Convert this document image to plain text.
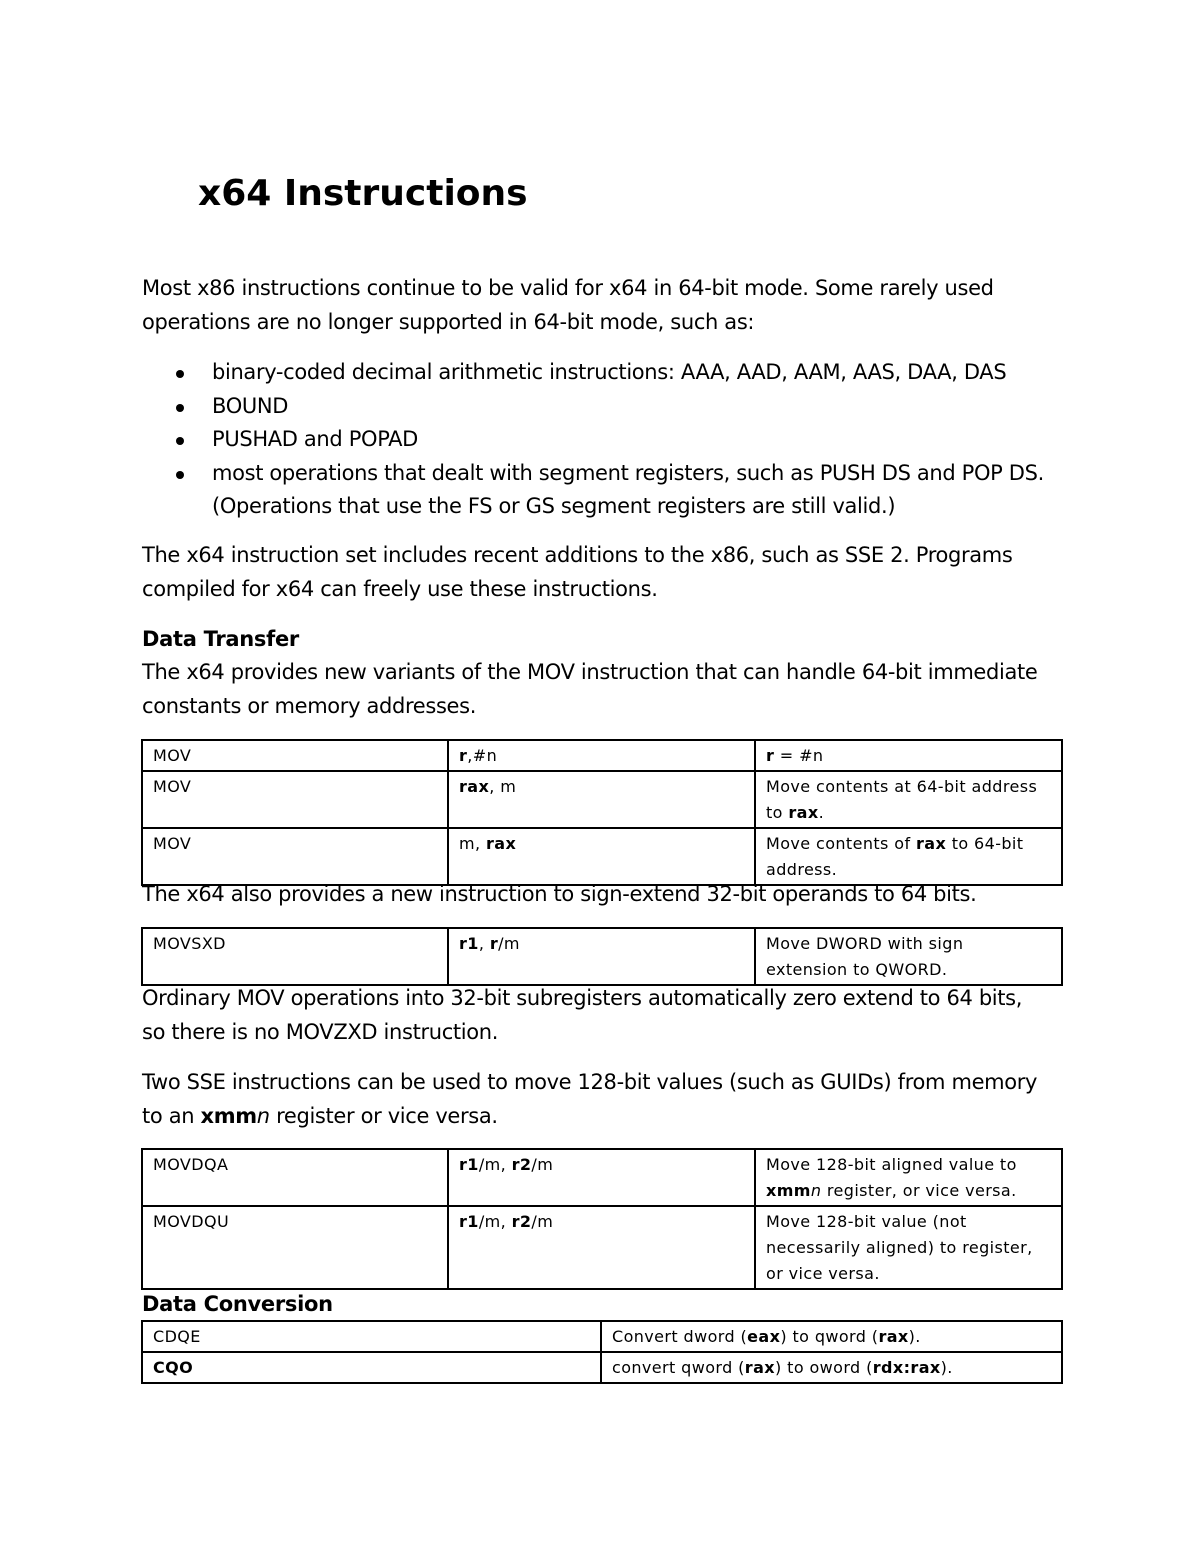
x64 Instructions

Most x86 instructions continue to be valid for x64 in 64-bit mode. Some rarely used
operations are no longer supported in 64-bit mode, such as:

binary-coded decimal arithmetic instructions: AAA, AAD, AAM, AAS, DAA, DAS
BOUND
PUSHAD and POPAD
most operations that dealt with segment registers, such as PUSH DS and POP DS.
(Operations that use the FS or GS segment registers are still valid.)

The x64 instruction set includes recent additions to the x86, such as SSE 2. Programs
compiled for x64 can freely use these instructions.

Data Transfer

The x64 provides new variants of the MOV instruction that can handle 64-bit immediate
constants or memory addresses.

MOV	r,#n	r = #n
MOV	rax, m	Move contents at 64-bit address
to rax.
MOV	m, rax	Move contents of rax to 64-bit
address.

The x64 also provides a new instruction to sign-extend 32-bit operands to 64 bits.

MOVSXD	r1, r/m	Move DWORD with sign
extension to QWORD.

Ordinary MOV operations into 32-bit subregisters automatically zero extend to 64 bits,
so there is no MOVZXD instruction.

Two SSE instructions can be used to move 128-bit values (such as GUIDs) from memory
to an xmmn register or vice versa.

MOVDQA	r1/m, r2/m	Move 128-bit aligned value to
xmmn register, or vice versa.
MOVDQU	r1/m, r2/m	Move 128-bit value (not
necessarily aligned) to register,
or vice versa.
Data Conversion
CDQE	Convert dword (eax) to qword (rax).
CQO	convert qword (rax) to oword (rdx:rax).
